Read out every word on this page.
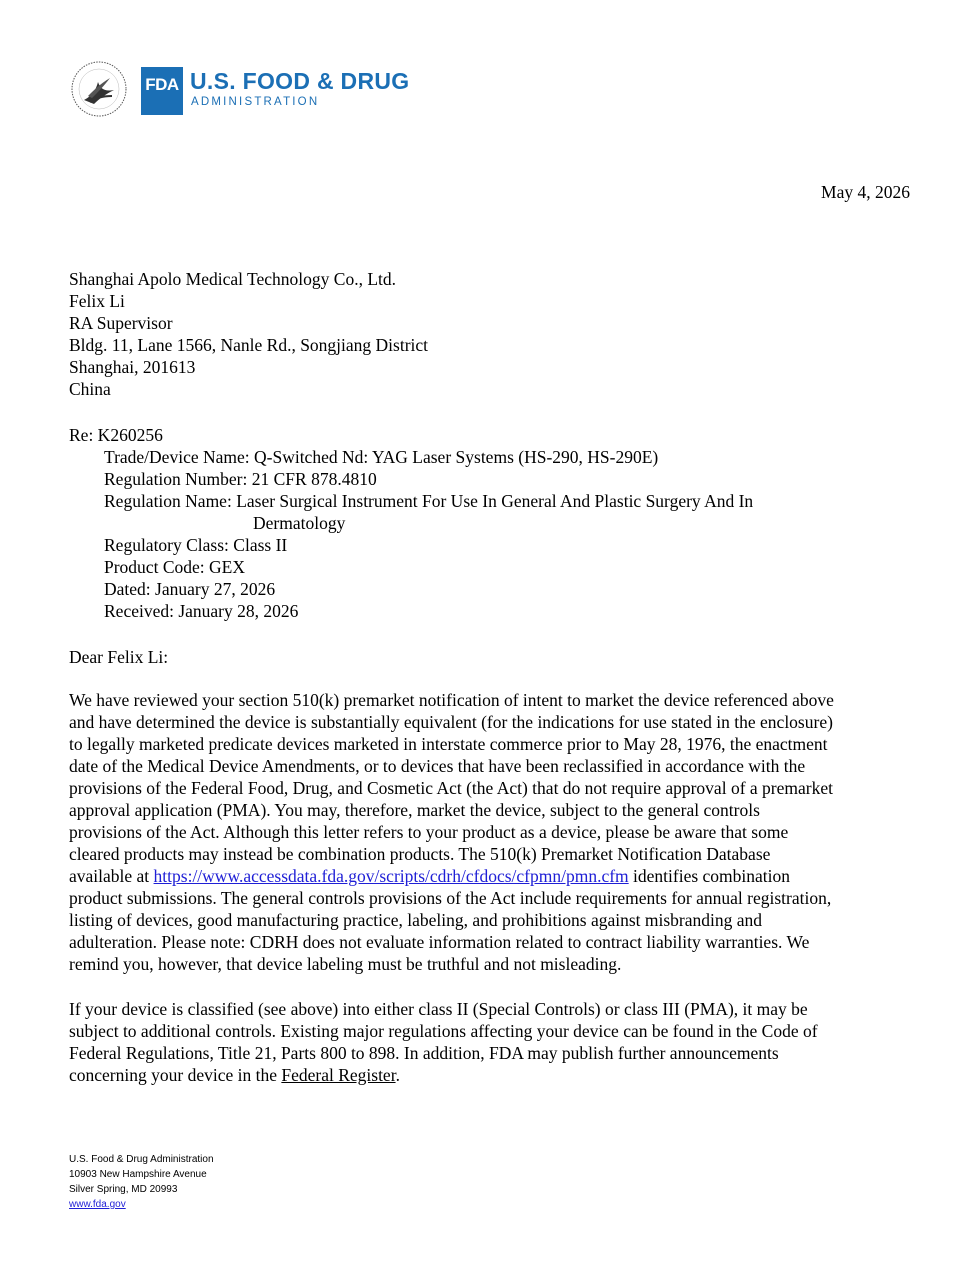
FDA U.S. FOOD & DRUG
ADMINISTRATION
May 4, 2026
Shanghai Apolo Medical Technology Co., Ltd.
Felix Li
RA Supervisor
Bldg. 11, Lane 1566, Nanle Rd., Songjiang District
Shanghai, 201613
China
Re: K260256
Trade/Device Name: Q-Switched Nd: YAG Laser Systems (HS-290, HS-290E)
Regulation Number: 21 CFR 878.4810
Regulation Name: Laser Surgical Instrument For Use In General And Plastic Surgery And In
Dermatology
Regulatory Class: Class II
Product Code: GEX
Dated: January 27, 2026
Received: January 28, 2026
Dear Felix Li:
We have reviewed your section 510(k) premarket notification of intent to market the device referenced above
and have determined the device is substantially equivalent (for the indications for use stated in the enclosure)
to legally marketed predicate devices marketed in interstate commerce prior to May 28, 1976, the enactment
date of the Medical Device Amendments, or to devices that have been reclassified in accordance with the
provisions of the Federal Food, Drug, and Cosmetic Act (the Act) that do not require approval of a premarket
approval application (PMA). You may, therefore, market the device, subject to the general controls
provisions of the Act. Although this letter refers to your product as a device, please be aware that some
cleared products may instead be combination products. The 510(k) Premarket Notification Database
available at https://www.accessdata.fda.gov/scripts/cdrh/cfdocs/cfpmn/pmn.cfm identifies combination
product submissions. The general controls provisions of the Act include requirements for annual registration,
listing of devices, good manufacturing practice, labeling, and prohibitions against misbranding and
adulteration. Please note: CDRH does not evaluate information related to contract liability warranties. We
remind you, however, that device labeling must be truthful and not misleading.
If your device is classified (see above) into either class II (Special Controls) or class III (PMA), it may be
subject to additional controls. Existing major regulations affecting your device can be found in the Code of
Federal Regulations, Title 21, Parts 800 to 898. In addition, FDA may publish further announcements
concerning your device in the Federal Register.
U.S. Food & Drug Administration
10903 New Hampshire Avenue
Silver Spring, MD 20993
www.fda.gov
